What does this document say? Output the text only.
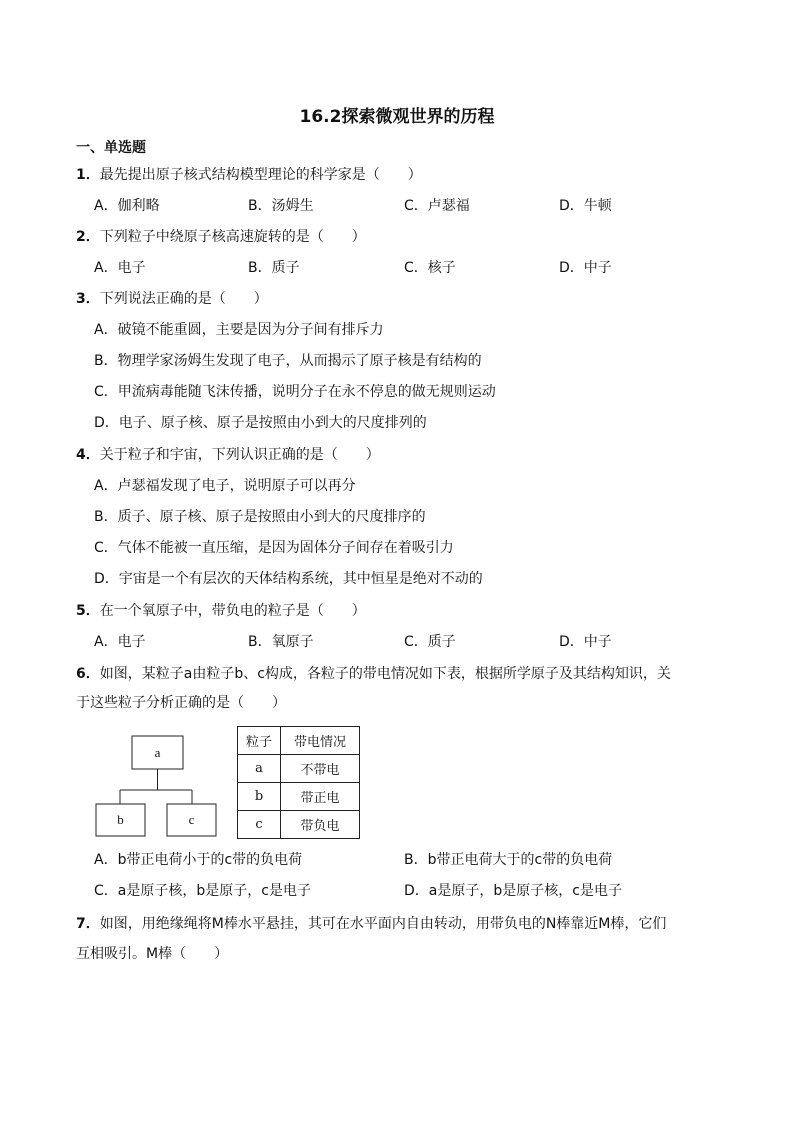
16.2探索微观世界的历程
一、单选题
1．最先提出原子核式结构模型理论的科学家是（　　）
A．伽利略	B．汤姆生	C．卢瑟福	D．牛顿
2．下列粒子中绕原子核高速旋转的是（　　）
A．电子	B．质子	C．核子	D．中子
3．下列说法正确的是（　　）
A．破镜不能重圆，主要是因为分子间有排斥力
B．物理学家汤姆生发现了电子，从而揭示了原子核是有结构的
C．甲流病毒能随飞沫传播，说明分子在永不停息的做无规则运动
D．电子、原子核、原子是按照由小到大的尺度排列的
4．关于粒子和宇宙，下列认识正确的是（　　）
A．卢瑟福发现了电子，说明原子可以再分
B．质子、原子核、原子是按照由小到大的尺度排序的
C．气体不能被一直压缩，是因为固体分子间存在着吸引力
D．宇宙是一个有层次的天体结构系统，其中恒星是绝对不动的
5．在一个氧原子中，带负电的粒子是（　　）
A．电子	B．氧原子	C．质子	D．中子
6．如图，某粒子a由粒子b、c构成，各粒子的带电情况如下表，根据所学原子及其结构知识，关
于这些粒子分析正确的是（　　）
a
b	c
粒子	带电情况
a	不带电
b	带正电
c	带负电
A．b带正电荷小于的c带的负电荷	B．b带正电荷大于的c带的负电荷
C．a是原子核，b是原子，c是电子	D．a是原子，b是原子核，c是电子
7．如图，用绝缘绳将M棒水平悬挂，其可在水平面内自由转动，用带负电的N棒靠近M棒，它们
互相吸引。M棒（　　）
